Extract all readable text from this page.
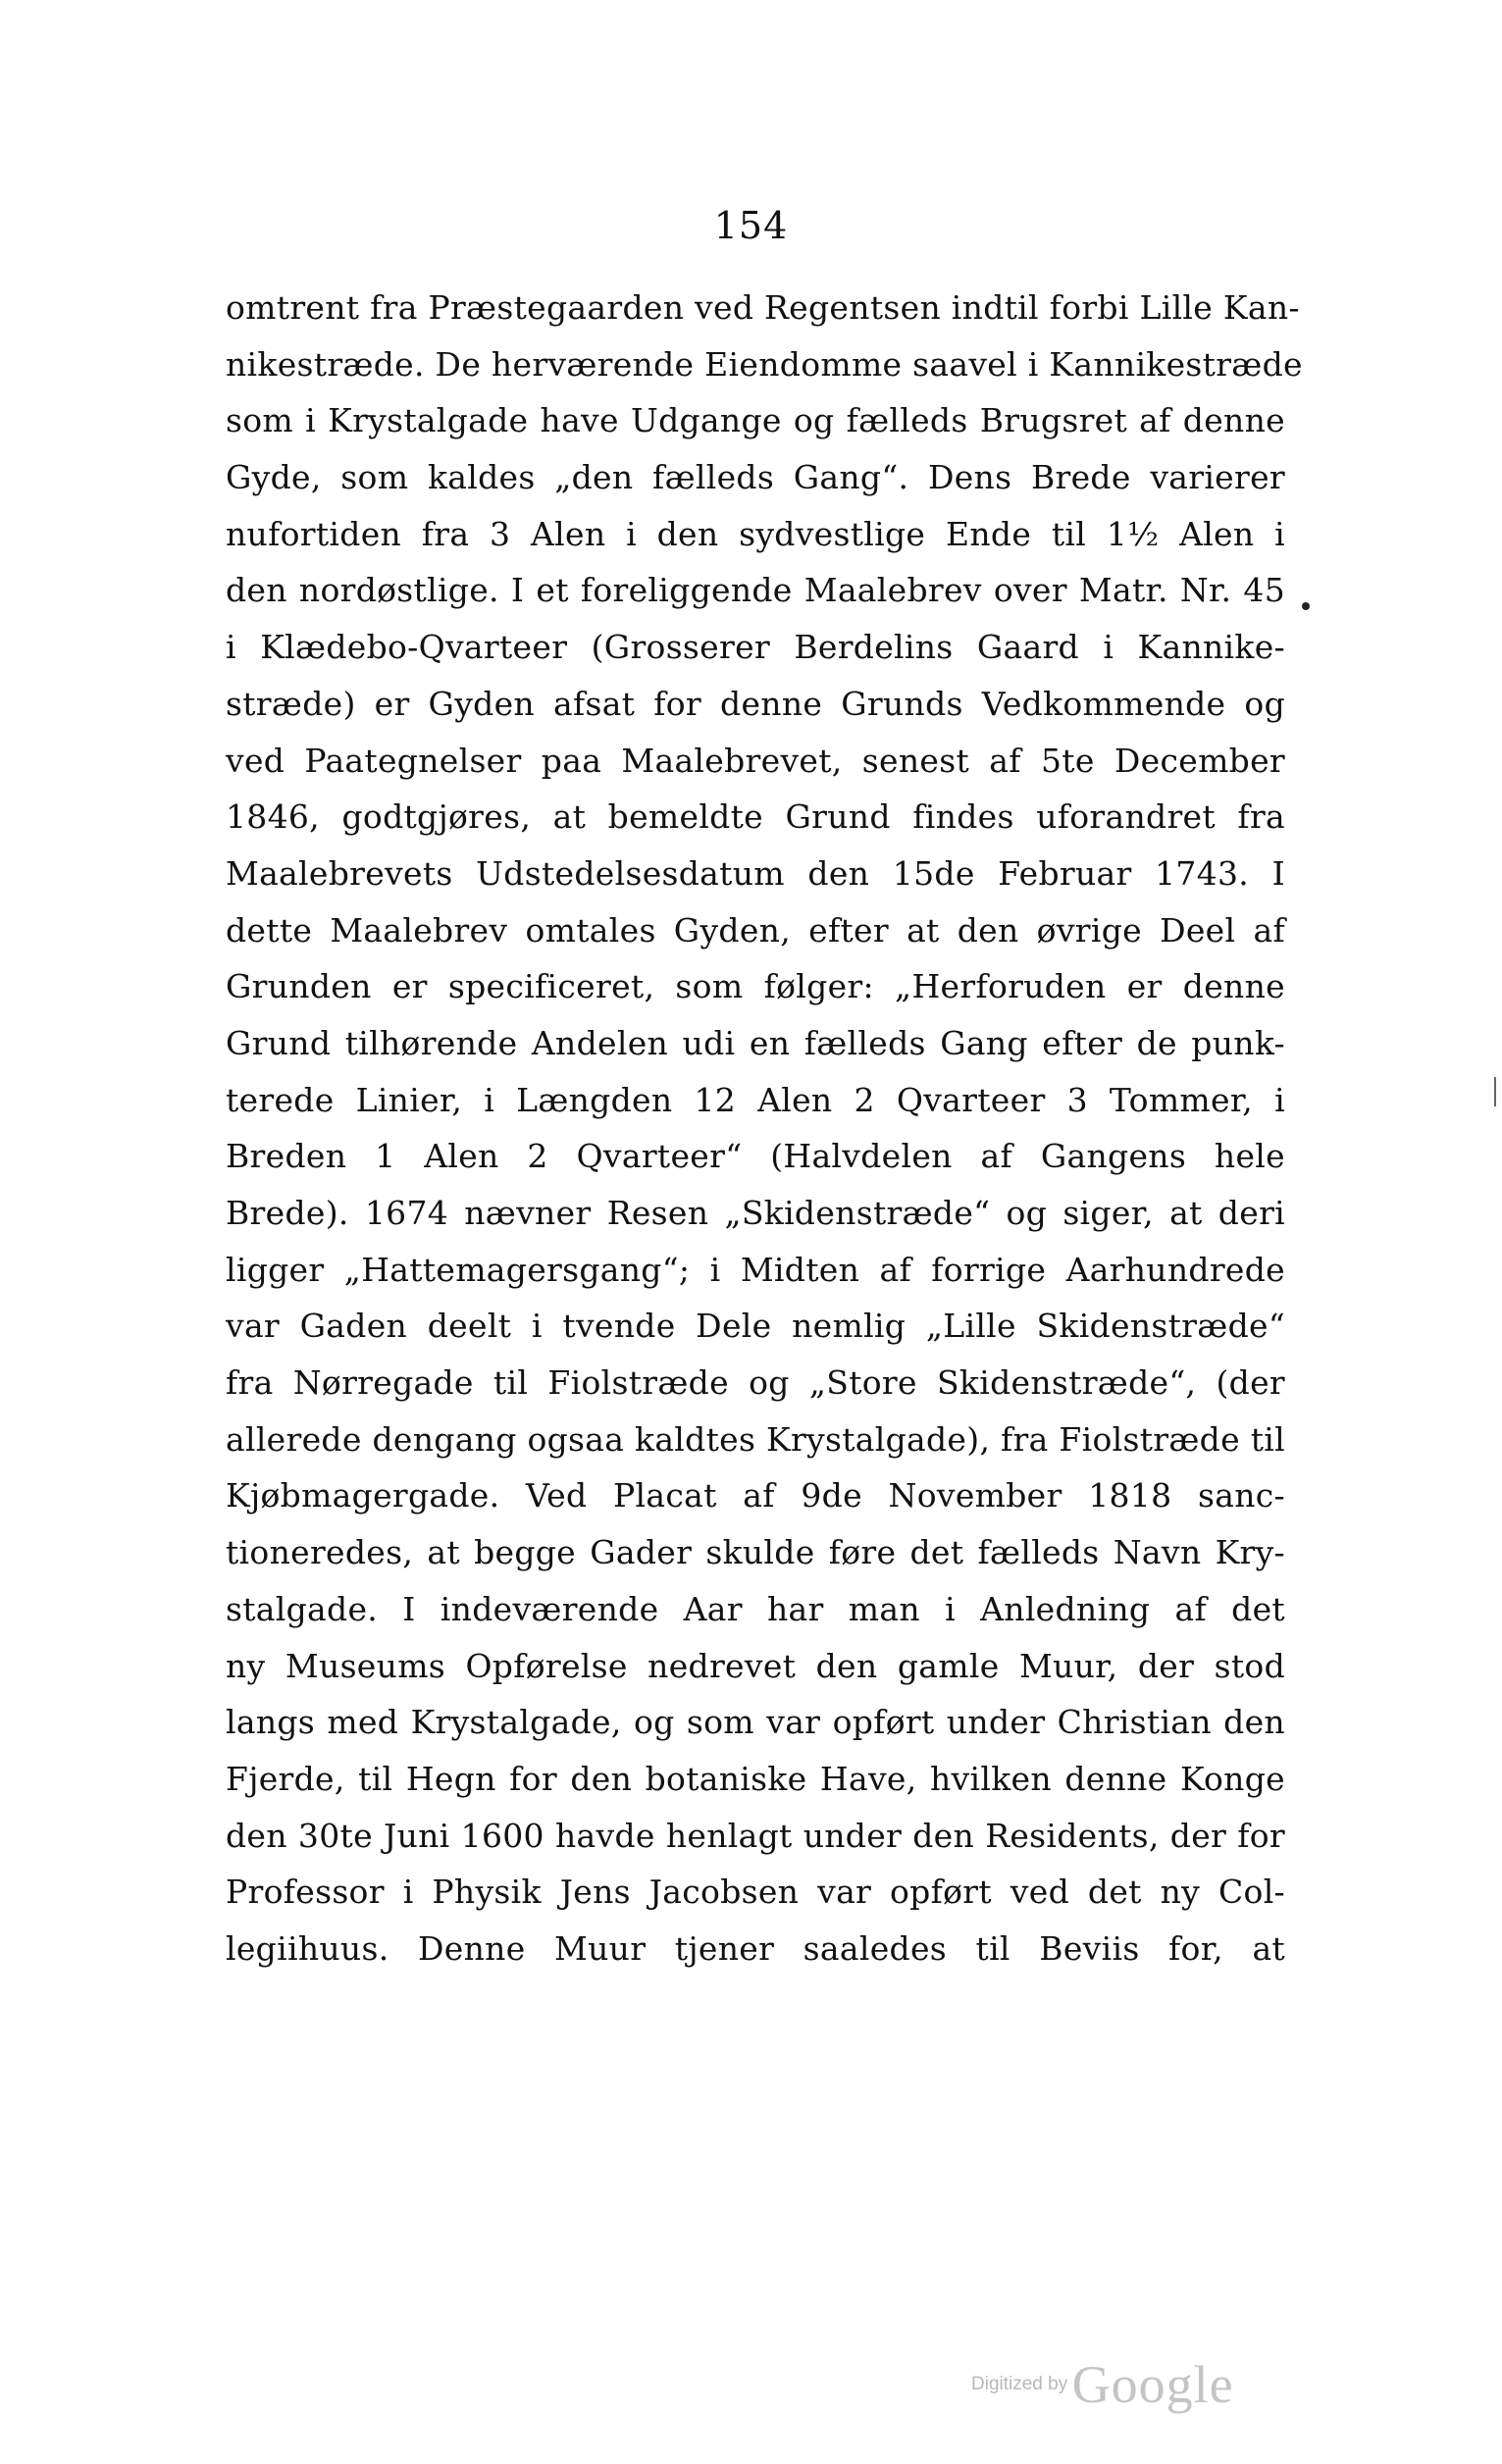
154
omtrent fra Præstegaarden ved Regentsen indtil forbi Lille Kan-
nikestræde. De herværende Eiendomme saavel i Kannikestræde
som i Krystalgade have Udgange og fælleds Brugsret af denne
Gyde, som kaldes „den fælleds Gang“. Dens Brede varierer
nufortiden fra 3 Alen i den sydvestlige Ende til 1½ Alen i
den nordøstlige. I et foreliggende Maalebrev over Matr. Nr. 45
i Klædebo-Qvarteer (Grosserer Berdelins Gaard i Kannike-
stræde) er Gyden afsat for denne Grunds Vedkommende og
ved Paategnelser paa Maalebrevet, senest af 5te December
1846, godtgjøres, at bemeldte Grund findes uforandret fra
Maalebrevets Udstedelsesdatum den 15de Februar 1743. I
dette Maalebrev omtales Gyden, efter at den øvrige Deel af
Grunden er specificeret, som følger: „Herforuden er denne
Grund tilhørende Andelen udi en fælleds Gang efter de punk-
terede Linier, i Længden 12 Alen 2 Qvarteer 3 Tommer, i
Breden 1 Alen 2 Qvarteer“ (Halvdelen af Gangens hele
Brede). 1674 nævner Resen „Skidenstræde“ og siger, at deri
ligger „Hattemagersgang“; i Midten af forrige Aarhundrede
var Gaden deelt i tvende Dele nemlig „Lille Skidenstræde“
fra Nørregade til Fiolstræde og „Store Skidenstræde“, (der
allerede dengang ogsaa kaldtes Krystalgade), fra Fiolstræde til
Kjøbmagergade. Ved Placat af 9de November 1818 sanc-
tioneredes, at begge Gader skulde føre det fælleds Navn Kry-
stalgade. I indeværende Aar har man i Anledning af det
ny Museums Opførelse nedrevet den gamle Muur, der stod
langs med Krystalgade, og som var opført under Christian den
Fjerde, til Hegn for den botaniske Have, hvilken denne Konge
den 30te Juni 1600 havde henlagt under den Residents, der for
Professor i Physik Jens Jacobsen var opført ved det ny Col-
legiihuus. Denne Muur tjener saaledes til Beviis for, at
Digitized by Google
